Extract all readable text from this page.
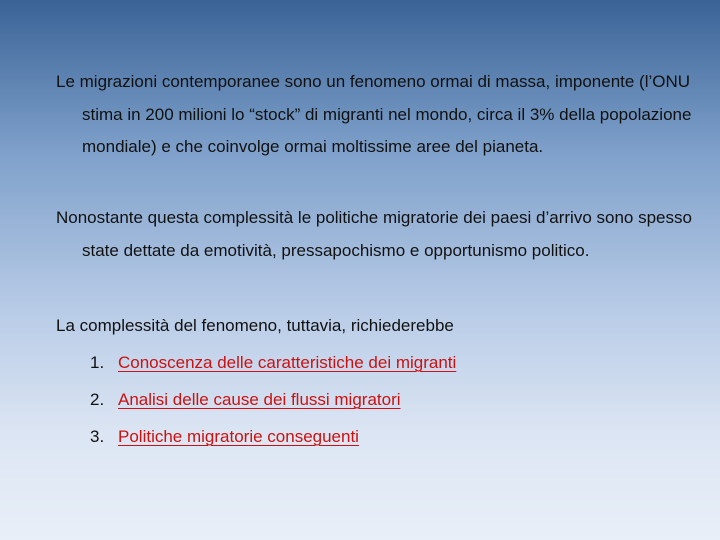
Le migrazioni contemporanee sono un fenomeno ormai di massa, imponente (l’ONU stima in 200 milioni lo “stock” di migranti nel mondo, circa il 3% della popolazione mondiale) e che coinvolge ormai moltissime aree del pianeta.

Nonostante questa complessità le politiche migratorie dei paesi d’arrivo sono spesso state dettate da emotività, pressapochismo e opportunismo politico.

La complessità del fenomeno, tuttavia, richiederebbe

1. Conoscenza delle caratteristiche dei migranti
2. Analisi delle cause dei flussi migratori
3. Politiche migratorie conseguenti
